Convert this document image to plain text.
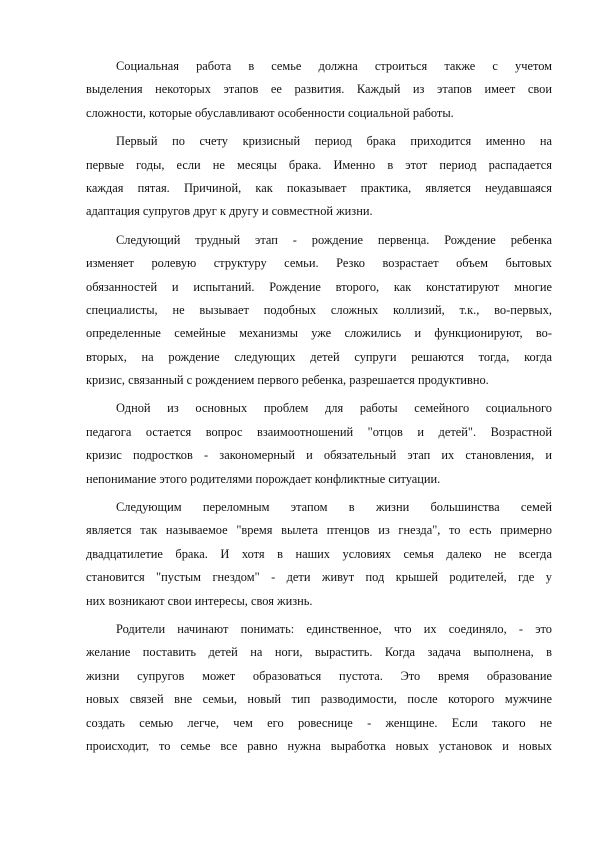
Социальная работа в семье должна строиться также с учетом
выделения некоторых этапов ее развития. Каждый из этапов имеет свои
сложности, которые обуславливают особенности социальной работы.
Первый по счету кризисный период брака приходится именно на
первые годы, если не месяцы брака. Именно в этот период распадается
каждая пятая. Причиной, как показывает практика, является неудавшаяся
адаптация супругов друг к другу и совместной жизни.
Следующий трудный этап - рождение первенца. Рождение ребенка
изменяет ролевую структуру семьи. Резко возрастает объем бытовых
обязанностей и испытаний. Рождение второго, как констатируют многие
специалисты, не вызывает подобных сложных коллизий, т.к., во-первых,
определенные семейные механизмы уже сложились и функционируют, во-
вторых, на рождение следующих детей супруги решаются тогда, когда
кризис, связанный с рождением первого ребенка, разрешается продуктивно.
Одной из основных проблем для работы семейного социального
педагога остается вопрос взаимоотношений "отцов и детей". Возрастной
кризис подростков - закономерный и обязательный этап их становления, и
непонимание этого родителями порождает конфликтные ситуации.
Следующим переломным этапом в жизни большинства семей
является так называемое "время вылета птенцов из гнезда", то есть примерно
двадцатилетие брака. И хотя в наших условиях семья далеко не всегда
становится "пустым гнездом" - дети живут под крышей родителей, где у
них возникают свои интересы, своя жизнь.
Родители начинают понимать: единственное, что их соединяло, - это
желание поставить детей на ноги, вырастить. Когда задача выполнена, в
жизни супругов может образоваться пустота. Это время образование
новых связей вне семьи, новый тип разводимости, после которого мужчине
создать семью легче, чем его ровеснице - женщине. Если такого не
происходит, то семье все равно нужна выработка новых установок и новых
